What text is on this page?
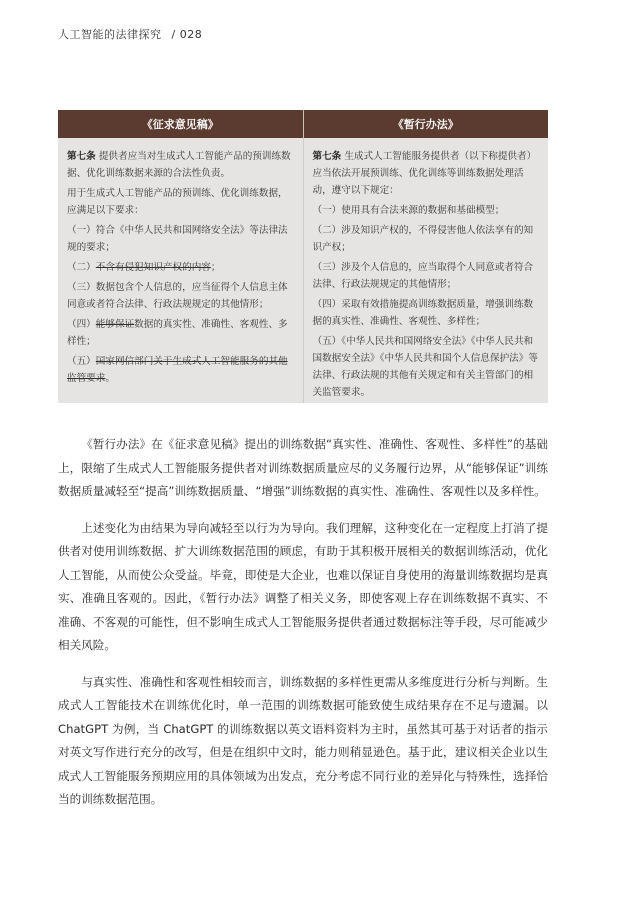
人工智能的法律探究 / 028
《征求意见稿》	《暂行办法》

第七条 提供者应当对生成式人工智能产品的预训练数据、优化训练数据来源的合法性负责。

用于生成式人工智能产品的预训练、优化训练数据，应满足以下要求：

（一）符合《中华人民共和国网络安全法》等法律法规的要求；

（二）不含有侵犯知识产权的内容；

（三）数据包含个人信息的，应当征得个人信息主体同意或者符合法律、行政法规规定的其他情形；

（四）能够保证数据的真实性、准确性、客观性、多样性；

（五）国家网信部门关于生成式人工智能服务的其他监管要求。

第七条 生成式人工智能服务提供者（以下称提供者）应当依法开展预训练、优化训练等训练数据处理活动，遵守以下规定：

（一）使用具有合法来源的数据和基础模型；

（二）涉及知识产权的，不得侵害他人依法享有的知识产权；

（三）涉及个人信息的，应当取得个人同意或者符合法律、行政法规规定的其他情形；

（四）采取有效措施提高训练数据质量，增强训练数据的真实性、准确性、客观性、多样性；

（五）《中华人民共和国网络安全法》《中华人民共和国数据安全法》《中华人民共和国个人信息保护法》等法律、行政法规的其他有关规定和有关主管部门的相关监管要求。

《暂行办法》在《征求意见稿》提出的训练数据“真实性、准确性、客观性、多样性”的基础上，限缩了生成式人工智能服务提供者对训练数据质量应尽的义务履行边界，从“能够保证”训练数据质量减轻至“提高”训练数据质量、“增强”训练数据的真实性、准确性、客观性以及多样性。

上述变化为由结果为导向减轻至以行为为导向。我们理解，这种变化在一定程度上打消了提供者对使用训练数据、扩大训练数据范围的顾虑，有助于其积极开展相关的数据训练活动，优化人工智能，从而使公众受益。毕竟，即使是大企业，也难以保证自身使用的海量训练数据均是真实、准确且客观的。因此，《暂行办法》调整了相关义务，即使客观上存在训练数据不真实、不准确、不客观的可能性，但不影响生成式人工智能服务提供者通过数据标注等手段，尽可能减少相关风险。

与真实性、准确性和客观性相较而言，训练数据的多样性更需从多维度进行分析与判断。生成式人工智能技术在训练优化时，单一范围的训练数据可能致使生成结果存在不足与遗漏。以 ChatGPT 为例，当 ChatGPT 的训练数据以英文语料资料为主时，虽然其可基于对话者的指示对英文写作进行充分的改写，但是在组织中文时，能力则稍显逊色。基于此，建议相关企业以生成式人工智能服务预期应用的具体领域为出发点，充分考虑不同行业的差异化与特殊性，选择恰当的训练数据范围。
